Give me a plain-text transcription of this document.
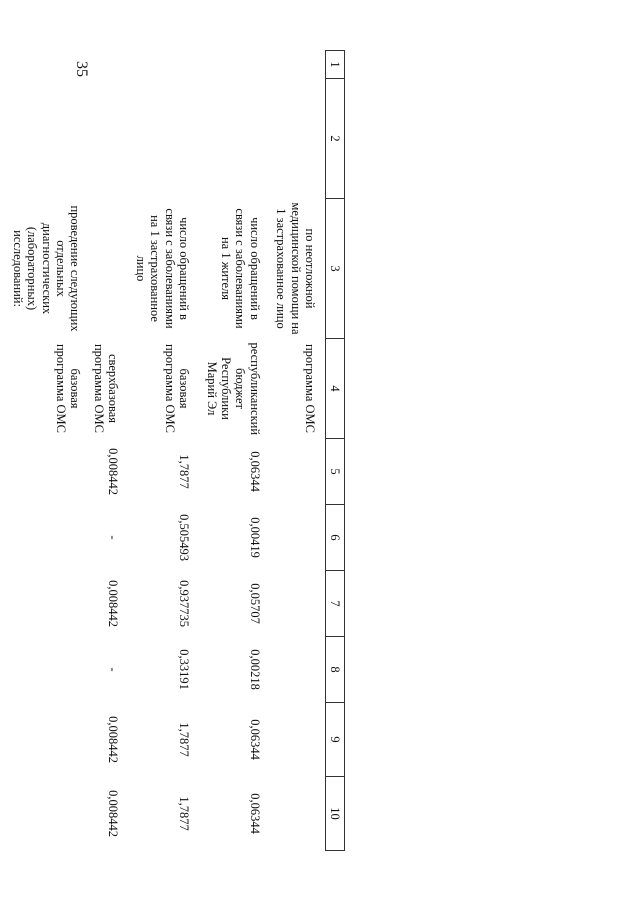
35	1	2	3	4	5	6	7	8	9	10
		по неотложной медицинской помощи на 1 застрахованное лицо	программа ОМС						
		число обращений в связи с заболеваниями на 1 жителя	республиканский бюджет Республики Марий Эл	0,06344	0,00419	0,05707	0,00218	0,06344	0,06344
		число обращений в связи с заболеваниями на 1 застрахованное лицо	базовая программа ОМС	1,7877	0,505493	0,937735	0,33191	1,7877	1,7877
			сверхбазовая программа ОМС	0,008442	-	0,008442	-	0,008442	0,008442
		проведение следующих отдельных диагностических (лабораторных) исследований:	базовая программа ОМС						
